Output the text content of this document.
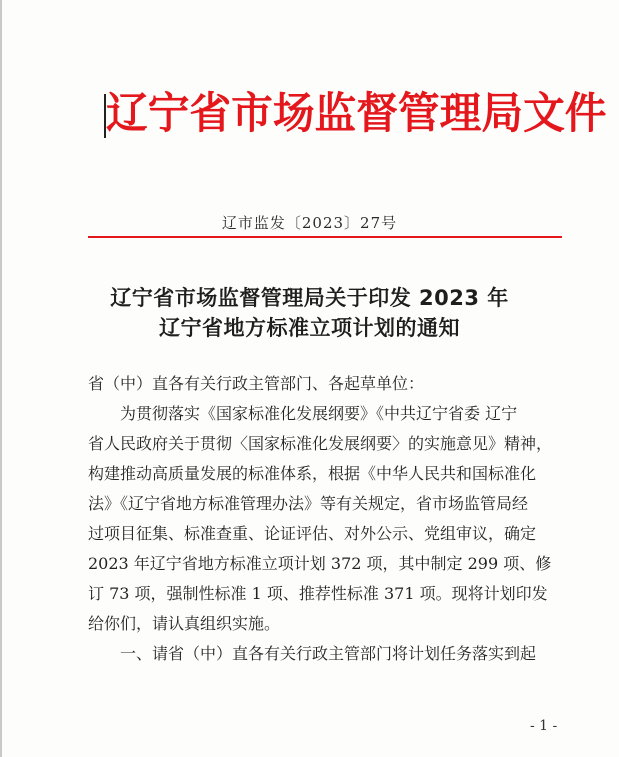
辽宁省市场监督管理局文件
辽市监发〔2023〕27号
辽宁省市场监督管理局关于印发 2023 年
辽宁省地方标准立项计划的通知
省（中）直各有关行政主管部门、各起草单位：
　　为贯彻落实《国家标准化发展纲要》《中共辽宁省委 辽宁
省人民政府关于贯彻〈国家标准化发展纲要〉的实施意见》精神，
构建推动高质量发展的标准体系，根据《中华人民共和国标准化
法》《辽宁省地方标准管理办法》等有关规定，省市场监管局经
过项目征集、标准查重、论证评估、对外公示、党组审议，确定
2023 年辽宁省地方标准立项计划 372 项，其中制定 299 项、修
订 73 项，强制性标准 1 项、推荐性标准 371 项。现将计划印发
给你们，请认真组织实施。
　　一、请省（中）直各有关行政主管部门将计划任务落实到起
- 1 -
